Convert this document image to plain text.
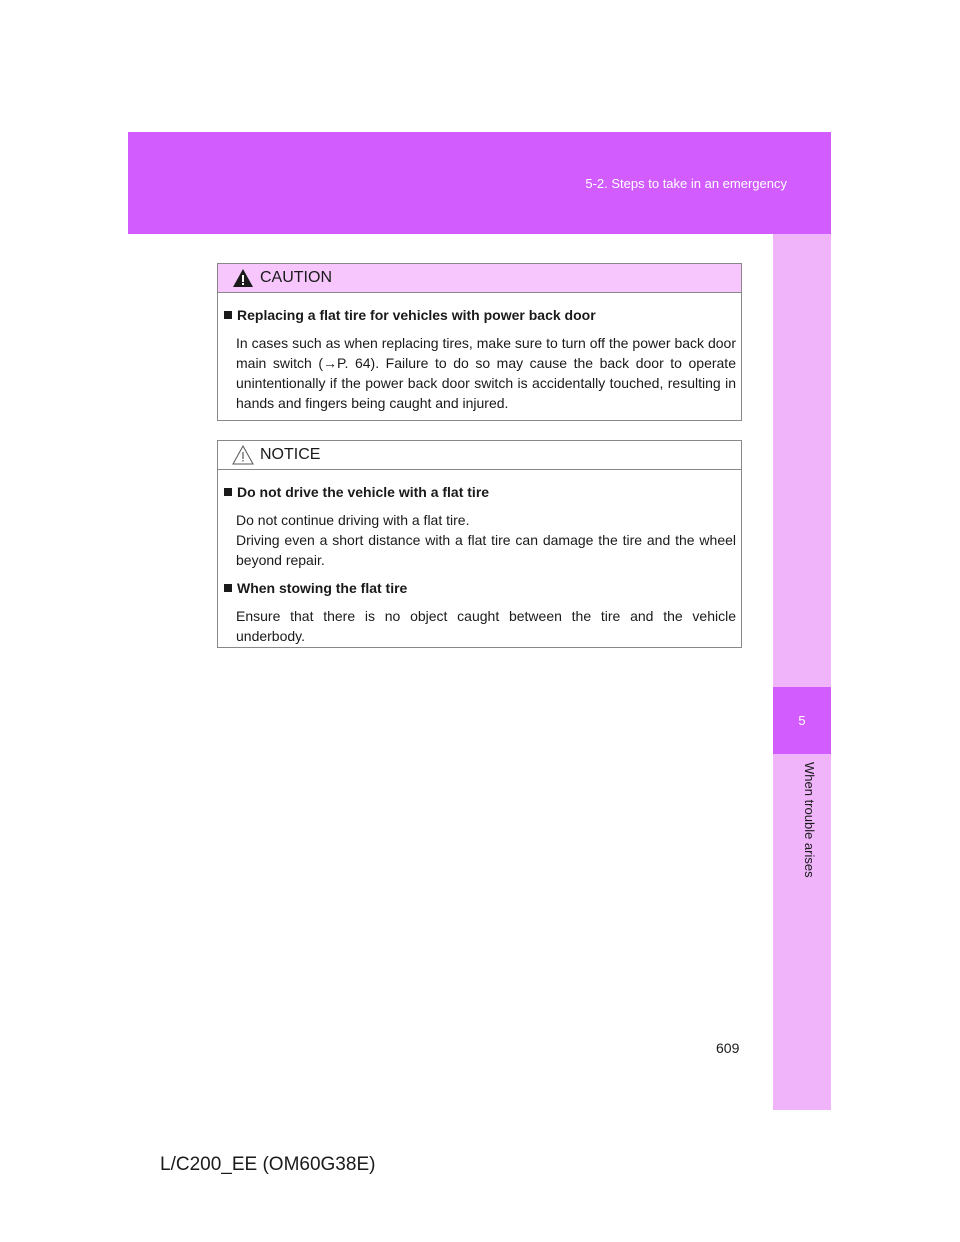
5-2. Steps to take in an emergency
5
When trouble arises
CAUTION
Replacing a flat tire for vehicles with power back door
In cases such as when replacing tires, make sure to turn off the power back door main switch (→P. 64). Failure to do so may cause the back door to operate unintentionally if the power back door switch is accidentally touched, resulting in hands and fingers being caught and injured.
NOTICE
Do not drive the vehicle with a flat tire
Do not continue driving with a flat tire.
Driving even a short distance with a flat tire can damage the tire and the wheel beyond repair.
When stowing the flat tire
Ensure that there is no object caught between the tire and the vehicle underbody.
609
L/C200_EE (OM60G38E)
